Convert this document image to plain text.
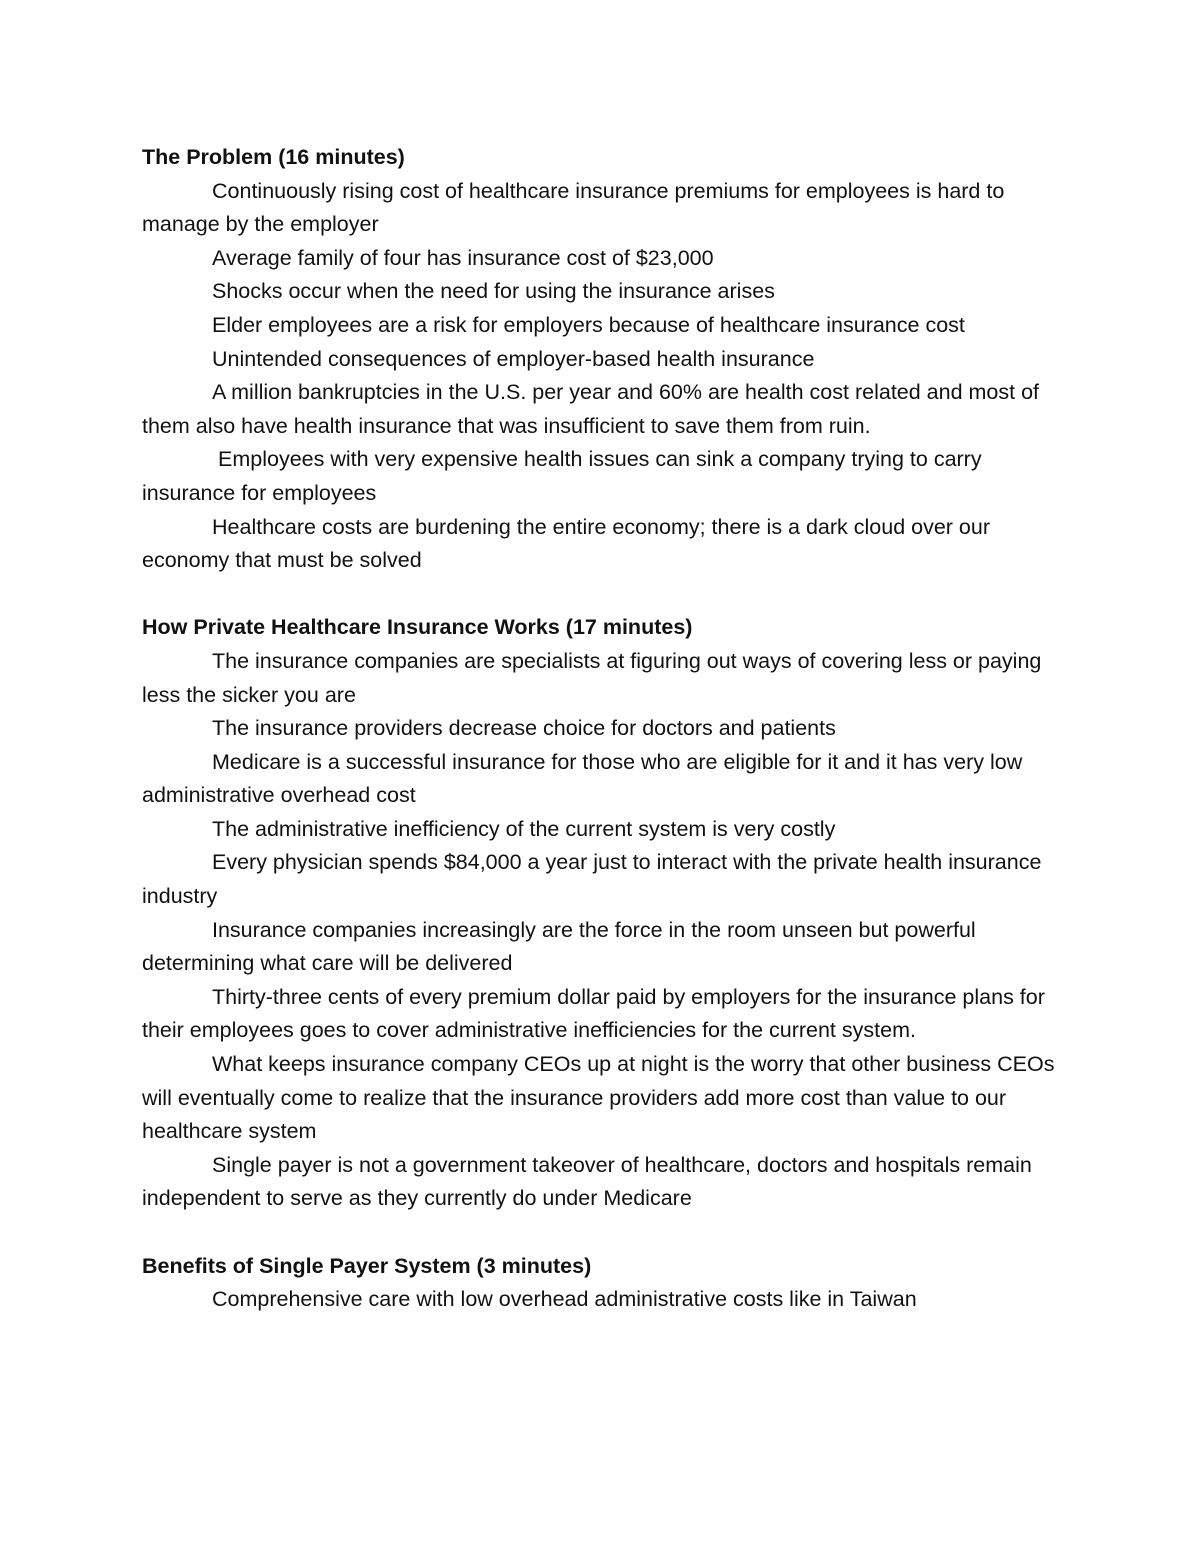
The Problem (16 minutes)

Continuously rising cost of healthcare insurance premiums for employees is hard to manage by the employer

Average family of four has insurance cost of $23,000

Shocks occur when the need for using the insurance arises

Elder employees are a risk for employers because of healthcare insurance cost

Unintended consequences of employer-based health insurance

A million bankruptcies in the U.S. per year and 60% are health cost related and most of them also have health insurance that was insufficient to save them from ruin.

Employees with very expensive health issues can sink a company trying to carry insurance for employees

Healthcare costs are burdening the entire economy; there is a dark cloud over our economy that must be solved

How Private Healthcare Insurance Works (17 minutes)

The insurance companies are specialists at figuring out ways of covering less or paying less the sicker you are

The insurance providers decrease choice for doctors and patients

Medicare is a successful insurance for those who are eligible for it and it has very low administrative overhead cost

The administrative inefficiency of the current system is very costly

Every physician spends $84,000 a year just to interact with the private health insurance industry

Insurance companies increasingly are the force in the room unseen but powerful determining what care will be delivered

Thirty-three cents of every premium dollar paid by employers for the insurance plans for their employees goes to cover administrative inefficiencies for the current system.

What keeps insurance company CEOs up at night is the worry that other business CEOs will eventually come to realize that the insurance providers add more cost than value to our healthcare system

Single payer is not a government takeover of healthcare, doctors and hospitals remain independent to serve as they currently do under Medicare

Benefits of Single Payer System (3 minutes)

Comprehensive care with low overhead administrative costs like in Taiwan
